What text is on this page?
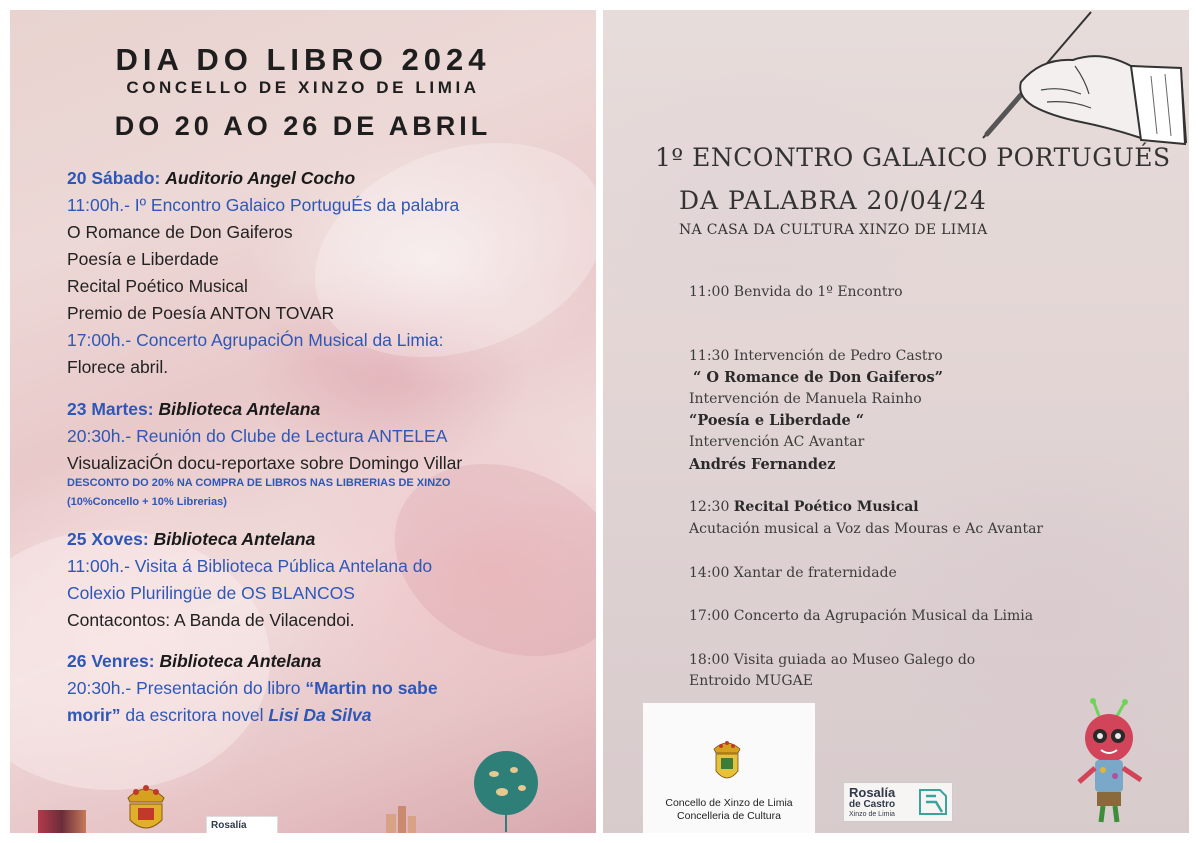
DIA DO LIBRO 2024
CONCELLO DE XINZO DE LIMIA
DO 20 AO 26 DE ABRIL
20 Sábado: Auditorio Angel Cocho
11:00h.- Iº Encontro Galaico PortuguÉs da palabra
O Romance de Don Gaiferos
Poesía e Liberdade
Recital Poético Musical
Premio de Poesía ANTON TOVAR
17:00h.- Concerto AgrupaciÓn Musical da Limia:
Florece abril.
23 Martes: Biblioteca Antelana
20:30h.- Reunión do Clube de Lectura ANTELEA
VisualizaciÓn docu-reportaxe sobre Domingo Villar
DESCONTO DO 20% NA COMPRA DE LIBROS NAS LIBRERIAS DE XINZO
(10%Concello + 10% Librerias)
25 Xoves: Biblioteca Antelana
11:00h.- Visita á Biblioteca Pública Antelana do
Colexio Plurilingüe de OS BLANCOS
Contacontos: A Banda de Vilacendoi.
26 Venres: Biblioteca Antelana
20:30h.- Presentación do libro “Martin no sabe
morir” da escritora novel Lisi Da Silva
Rosalía
1º ENCONTRO GALAICO PORTUGUÉS
DA PALABRA 20/04/24
NA CASA DA CULTURA XINZO DE LIMIA
11:00 Benvida do 1º Encontro
11:30 Intervención de Pedro Castro
“ O Romance de Don Gaiferos”
Intervención de Manuela Rainho
“Poesía e Liberdade “
Intervención AC Avantar
Andrés Fernandez
12:30 Recital Poético Musical
Acutación musical a Voz das Mouras e Ac Avantar
14:00 Xantar de fraternidade
17:00 Concerto da Agrupación Musical da Limia
18:00 Visita guiada ao Museo Galego do
Entroido MUGAE
Concello de Xinzo de Limia
Concelleria de Cultura
Rosalía
de Castro
Xinzo de Limia
